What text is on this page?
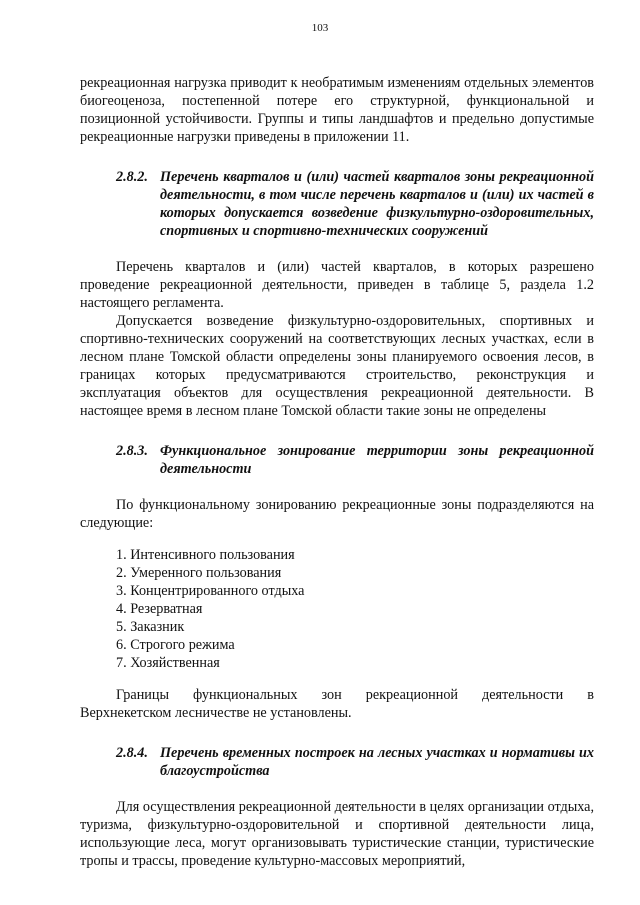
103

рекреационная нагрузка приводит к необратимым изменениям отдельных элементов биогеоценоза, постепенной потере его структурной, функциональной и позиционной устойчивости. Группы и типы ландшафтов и предельно допустимые рекреационные нагрузки приведены в приложении 11.

2.8.2. Перечень кварталов и (или) частей кварталов зоны рекреационной деятельности, в том числе перечень кварталов и (или) их частей в которых допускается возведение физкультурно-оздоровительных, спортивных и спортивно-технических сооружений

Перечень кварталов и (или) частей кварталов, в которых разрешено проведение рекреационной деятельности, приведен в таблице 5, раздела 1.2 настоящего регламента.

Допускается возведение физкультурно-оздоровительных, спортивных и спортивно-технических сооружений на соответствующих лесных участках, если в лесном плане Томской области определены зоны планируемого освоения лесов, в границах которых предусматриваются строительство, реконструкция и эксплуатация объектов для осуществления рекреационной деятельности. В настоящее время в лесном плане Томской области такие зоны не определены

2.8.3. Функциональное зонирование территории зоны рекреационной деятельности

По функциональному зонированию рекреационные зоны подразделяются на следующие:

1. Интенсивного пользования
2. Умеренного пользования
3. Концентрированного отдыха
4. Резерватная
5. Заказник
6. Строгого режима
7. Хозяйственная
Границы функциональных зон рекреационной деятельности в

Верхнекетском лесничестве не установлены.

2.8.4. Перечень временных построек на лесных участках и нормативы их благоустройства

Для осуществления рекреационной деятельности в целях организации отдыха, туризма, физкультурно-оздоровительной и спортивной деятельности лица, использующие леса, могут организовывать туристические станции, туристические тропы и трассы, проведение культурно-массовых мероприятий,
